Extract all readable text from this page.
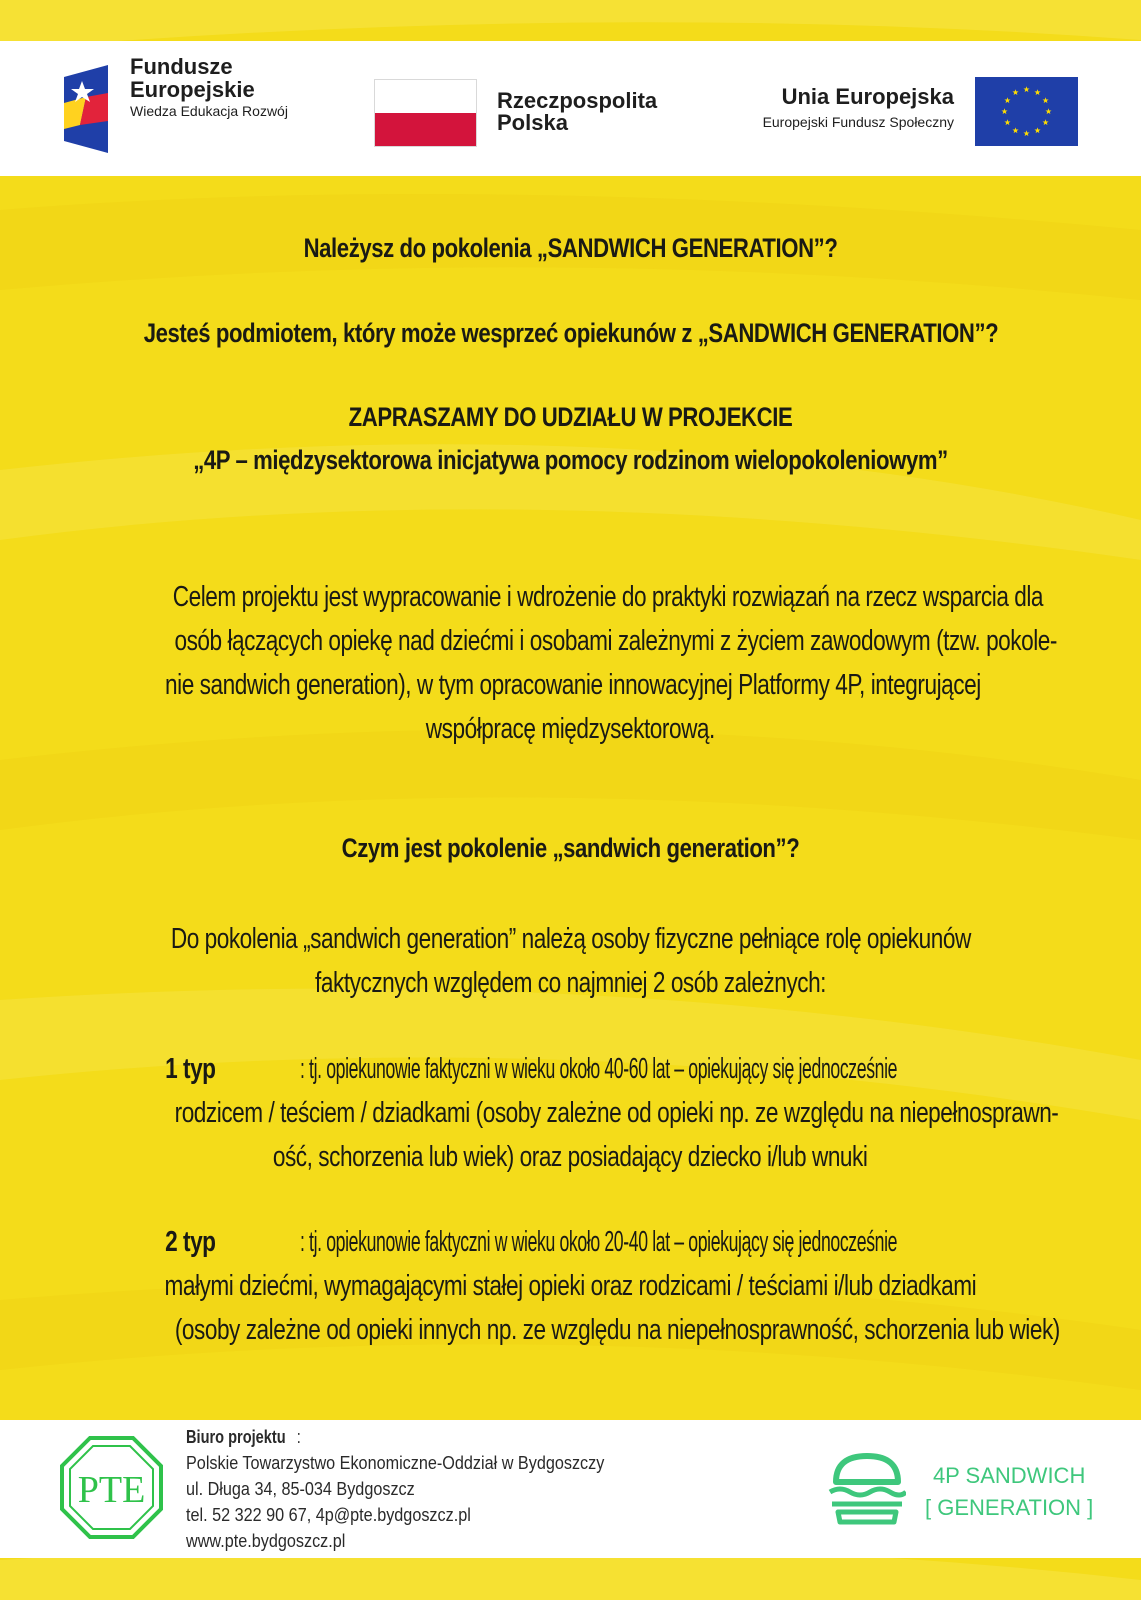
Fundusze
Europejskie
Wiedza Edukacja Rozwój	Rzeczpospolita
Polska
Unia Europejska
Europejski Fundusz Społeczny
Należysz do pokolenia „SANDWICH GENERATION”?
Jesteś podmiotem, który może wesprzeć opiekunów z „SANDWICH GENERATION”?
ZAPRASZAMY DO UDZIAŁU W PROJEKCIE
„4P – międzysektorowa inicjatywa pomocy rodzinom wielopokoleniowym”
Celem projektu jest wypracowanie i wdrożenie do praktyki rozwiązań na rzecz wsparcia dla
osób łączących opiekę nad dziećmi i osobami zależnymi z życiem zawodowym (tzw. pokole-
nie sandwich generation), w tym opracowanie innowacyjnej Platformy 4P, integrującej
współpracę międzysektorową.
Czym jest pokolenie „sandwich generation”?
Do pokolenia „sandwich generation” należą osoby fizyczne pełniące rolę opiekunów
faktycznych względem co najmniej 2 osób zależnych:
1 typ	: tj. opiekunowie faktyczni w wieku około 40-60 lat – opiekujący się jednocześnie
rodzicem / teściem / dziadkami (osoby zależne od opieki np. ze względu na niepełnosprawn-
ość, schorzenia lub wiek) oraz posiadający dziecko i/lub wnuki
2 typ	: tj. opiekunowie faktyczni w wieku około 20-40 lat – opiekujący się jednocześnie
małymi dziećmi, wymagającymi stałej opieki oraz rodzicami / teściami i/lub dziadkami
(osoby zależne od opieki innych np. ze względu na niepełnosprawność, schorzenia lub wiek)
PTE
Biuro projektu :
Polskie Towarzystwo Ekonomiczne-Oddział w Bydgoszczy
ul. Długa 34, 85-034 Bydgoszcz
tel. 52 322 90 67, 4p@pte.bydgoszcz.pl
www.pte.bydgoszcz.pl
4P SANDWICH
[ GENERATION ]
